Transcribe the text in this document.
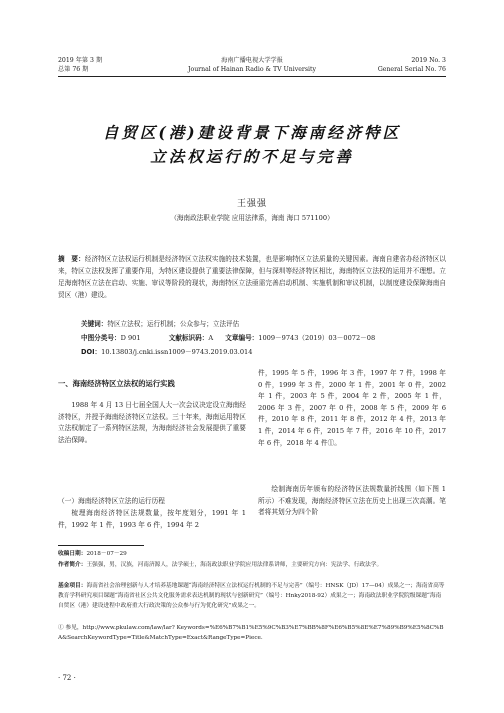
2019 年第 3 期
总第 76 期
海南广播电视大学学报
Journal of Hainan Radio & TV University
2019 No. 3
General Serial No. 76
自贸区(港)建设背景下海南经济特区
立法权运行的不足与完善
王强强
（海南政法职业学院 应用法律系，海南 海口 571100）
摘　要：经济特区立法权运行机制是经济特区立法权实施的技术装置，也是影响特区立法质量的关键因素。海南自建省办经济特区以来，特区立法权发挥了重要作用，为特区建设提供了重要法律保障，但与深圳等经济特区相比，海南特区立法权的运用并不理想。立足海南特区立法在启动、实施、审议等阶段的现状，海南特区立法亟需完善启动机制、实施机制和审议机制，以制度建设保障海南自贸区（港）建设。
关键词：特区立法权；运行机制；公众参与；立法评估
中图分类号：D 901	文献标识码：A 文章编号：1009－9743（2019）03－0072－08
DOI：10.13803/j.cnki.issn1009－9743.2019.03.014
一、海南经济特区立法权的运行实践
1988 年 4 月 13 日七届全国人大一次会议决定设立海南经济特区，并授予海南经济特区立法权。三十年来，海南运用特区立法权制定了一系列特区法规，为海南经济社会发展提供了重要法治保障。
（一）海南经济特区立法的运行历程
梳理海南经济特区法规数量，按年度划分，1991 年 1 件，1992 年 1 件，1993 年 6 件，1994 年 2
件，1995 年 5 件，1996 年 3 件，1997 年 7 件，1998 年 0 件，1999 年 3 件，2000 年 1 件，2001 年 0 件，2002 年 1 件，2003 年 5 件，2004 年 2 件，2005 年 1 件，2006 年 3 件，2007 年 0 件，2008 年 5 件，2009 年 6 件，2010 年 8 件，2011 年 8 件，2012 年 4 件，2013 年 1 件，2014 年 6 件，2015 年 7 件，2016 年 10 件，2017 年 6 件，2018 年 4 件①。
绘制海南历年颁布的经济特区法规数量折线图（如下图 1 所示）不难发现，海南经济特区立法在历史上出现三次高潮。笔者将其划分为四个阶
收稿日期：2018－07－29
作者简介：王强强，男，汉族，河南济源人，法学硕士，海南政法职业学院应用法律系讲师，主要研究方向：宪法学、行政法学。
基金项目：海南省社会治理创新与人才培养基地课题“海南经济特区立法权运行机制的不足与完善”（编号：HNSK（JD）17—04）成果之一；海南省高等教育学科研究项目课题“海南省社区公共文化服务需求表达机制的现状与创新研究”（编号：Hnky2018-92）成果之一；海南政法职业学院院级课题“海南自贸区（港）建设进程中政府重大行政决策的公众参与行为优化研究”成果之一。
① 参见，http://www.pkulaw.com/law/lar? Keywords=%E6%B7%B1%E5%9C%B3%E7%BB%8F%E6%B5%8E%E7%89%B9%E5%8C%BA&SearchKeywordType=Title&MatchType=Exact&RangeType=Piece.
· 72 ·
